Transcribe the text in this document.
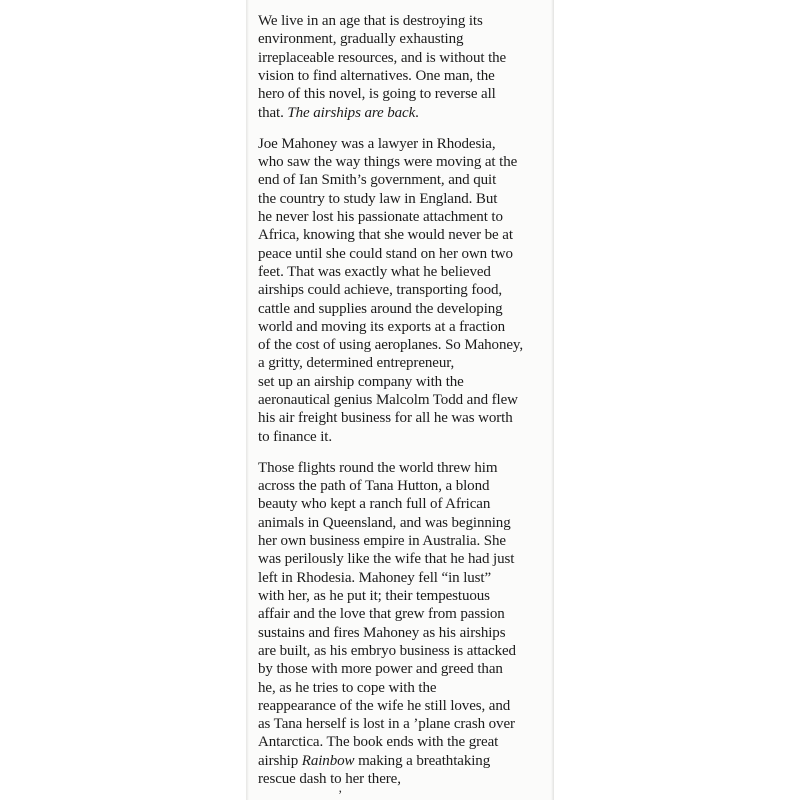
We live in an age that is destroying its
environment, gradually exhausting
irreplaceable resources, and is without the
vision to find alternatives. One man, the
hero of this novel, is going to reverse all
that. The airships are back.
Joe Mahoney was a lawyer in Rhodesia,
who saw the way things were moving at the
end of Ian Smith’s government, and quit
the country to study law in England. But
he never lost his passionate attachment to
Africa, knowing that she would never be at
peace until she could stand on her own two
feet. That was exactly what he believed
airships could achieve, transporting food,
cattle and supplies around the developing
world and moving its exports at a fraction
of the cost of using aeroplanes. So Mahoney,
a gritty, determined entrepreneur,
set up an airship company with the
aeronautical genius Malcolm Todd and flew
his air freight business for all he was worth
to finance it.
Those flights round the world threw him
across the path of Tana Hutton, a blond
beauty who kept a ranch full of African
animals in Queensland, and was beginning
her own business empire in Australia. She
was perilously like the wife that he had just
left in Rhodesia. Mahoney fell “in lust”
with her, as he put it; their tempestuous
affair and the love that grew from passion
sustains and fires Mahoney as his airships
are built, as his embryo business is attacked
by those with more power and greed than
he, as he tries to cope with the
reappearance of the wife he still loves, and
as Tana herself is lost in a ’plane crash over
Antarctica. The book ends with the great
airship Rainbow making a breathtaking
rescue dash to her there,
’
